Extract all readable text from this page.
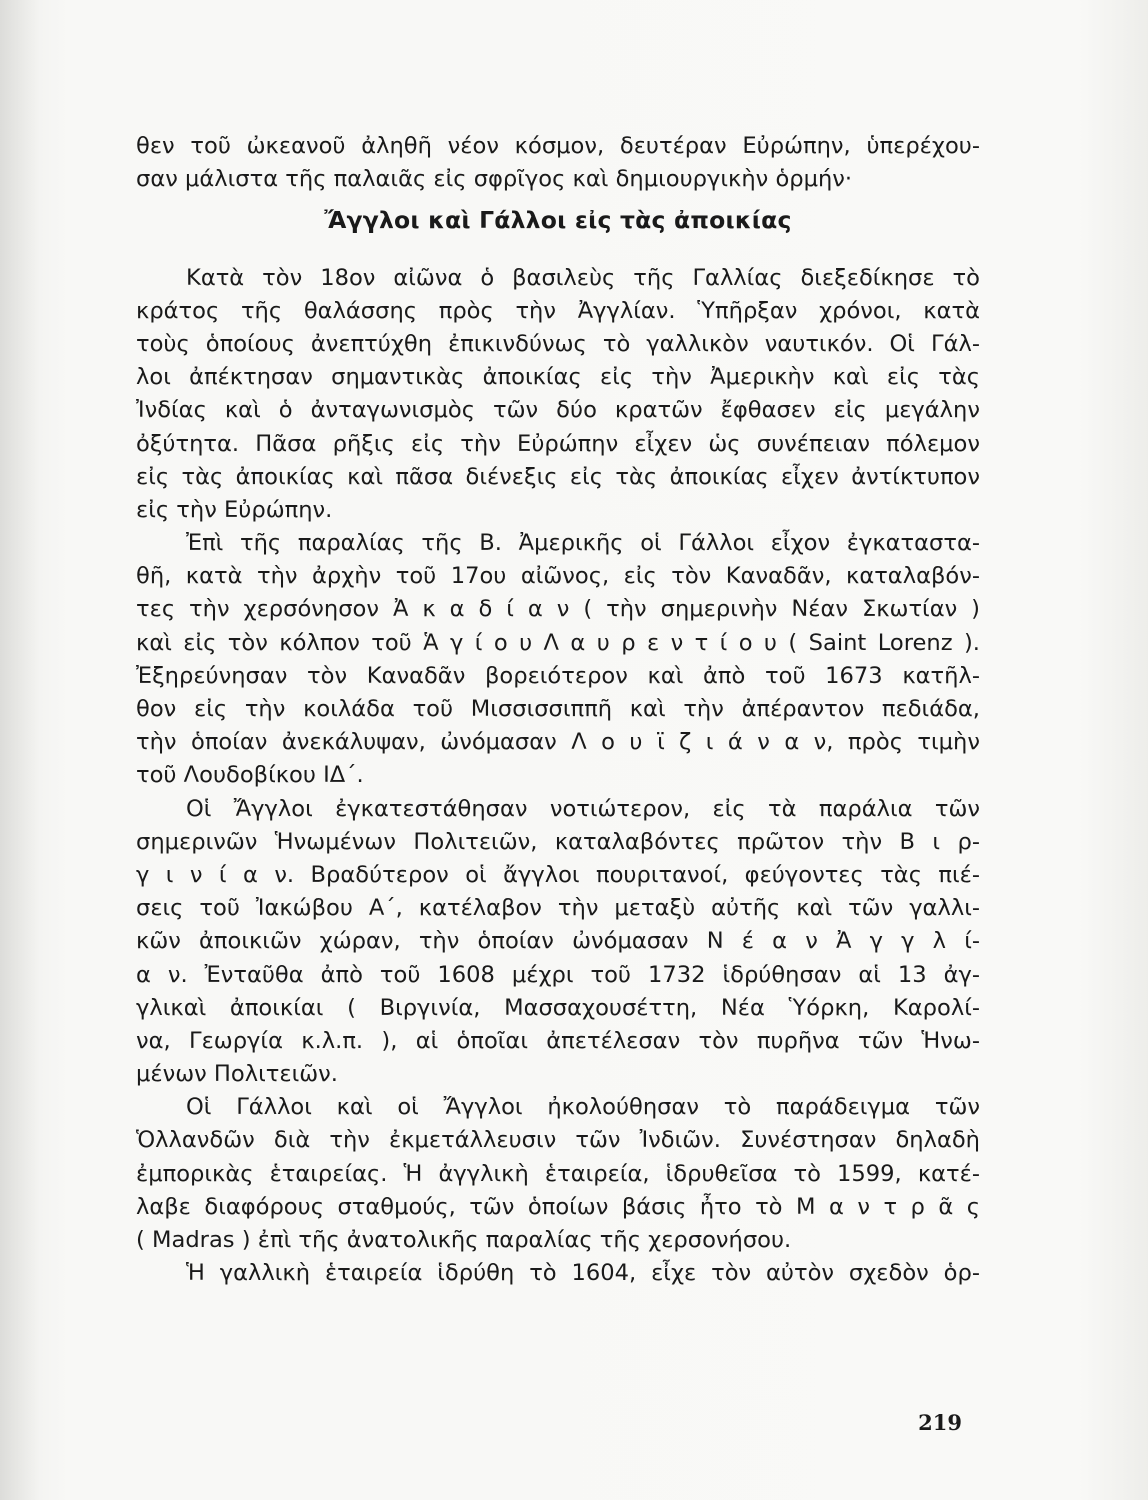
θεν τοῦ ὠκεανοῦ ἀληθῆ νέον κόσμον, δευτέραν Εὐρώπην, ὑπερέχου-
σαν μάλιστα τῆς παλαιᾶς εἰς σφρῖγος καὶ δημιουργικὴν ὁρμήν·
Ἄγγλοι καὶ Γάλλοι εἰς τὰς ἀποικίας
Κατὰ τὸν 18ον αἰῶνα ὁ βασιλεὺς τῆς Γαλλίας διεξεδίκησε τὸ
κράτος τῆς θαλάσσης πρὸς τὴν Ἀγγλίαν. Ὑπῆρξαν χρόνοι, κατὰ
τοὺς ὁποίους ἀνεπτύχθη ἐπικινδύνως τὸ γαλλικὸν ναυτικόν. Οἱ Γάλ-
λοι ἀπέκτησαν σημαντικὰς ἀποικίας εἰς τὴν Ἀμερικὴν καὶ εἰς τὰς
Ἰνδίας καὶ ὁ ἀνταγωνισμὸς τῶν δύο κρατῶν ἔφθασεν εἰς μεγάλην
ὀξύτητα. Πᾶσα ρῆξις εἰς τὴν Εὐρώπην εἶχεν ὡς συνέπειαν πόλεμον
εἰς τὰς ἀποικίας καὶ πᾶσα διένεξις εἰς τὰς ἀποικίας εἶχεν ἀντίκτυπον
εἰς τὴν Εὐρώπην.
Ἐπὶ τῆς παραλίας τῆς Β. Ἀμερικῆς οἱ Γάλλοι εἶχον ἐγκαταστα-
θῆ, κατὰ τὴν ἀρχὴν τοῦ 17ου αἰῶνος, εἰς τὸν Καναδᾶν, καταλαβόν-
τες τὴν χερσόνησον Ἀ κ α δ ί α ν ( τὴν σημερινὴν Νέαν Σκωτίαν )
καὶ εἰς τὸν κόλπον τοῦ Ἁ γ ί ο υ Λ α υ ρ ε ν τ ί ο υ ( Saint Lorenz ).
Ἐξηρεύνησαν τὸν Καναδᾶν βορειότερον καὶ ἀπὸ τοῦ 1673 κατῆλ-
θον εἰς τὴν κοιλάδα τοῦ Μισσισσιππῆ καὶ τὴν ἀπέραντον πεδιάδα,
τὴν ὁποίαν ἀνεκάλυψαν, ὠνόμασαν Λ ο υ ϊ ζ ι ά ν α ν, πρὸς τιμὴν
τοῦ Λουδοβίκου ΙΔ΄.
Οἱ Ἄγγλοι ἐγκατεστάθησαν νοτιώτερον, εἰς τὰ παράλια τῶν
σημερινῶν Ἡνωμένων Πολιτειῶν, καταλαβόντες πρῶτον τὴν Β ι ρ-
γ ι ν ί α ν. Βραδύτερον οἱ ἄγγλοι πουριτανοί, φεύγοντες τὰς πιέ-
σεις τοῦ Ἰακώβου Α΄, κατέλαβον τὴν μεταξὺ αὐτῆς καὶ τῶν γαλλι-
κῶν ἀποικιῶν χώραν, τὴν ὁποίαν ὠνόμασαν Ν έ α ν Ἀ γ γ λ ί-
α ν. Ἐνταῦθα ἀπὸ τοῦ 1608 μέχρι τοῦ 1732 ἱδρύθησαν αἱ 13 ἀγ-
γλικαὶ ἀποικίαι ( Βιργινία, Μασσαχουσέττη, Νέα Ὑόρκη, Καρολί-
να, Γεωργία κ.λ.π. ), αἱ ὁποῖαι ἀπετέλεσαν τὸν πυρῆνα τῶν Ἡνω-
μένων Πολιτειῶν.
Οἱ Γάλλοι καὶ οἱ Ἄγγλοι ἠκολούθησαν τὸ παράδειγμα τῶν
Ὁλλανδῶν διὰ τὴν ἐκμετάλλευσιν τῶν Ἰνδιῶν. Συνέστησαν δηλαδὴ
ἐμπορικὰς ἑταιρείας. Ἡ ἀγγλικὴ ἑταιρεία, ἱδρυθεῖσα τὸ 1599, κατέ-
λαβε διαφόρους σταθμούς, τῶν ὁποίων βάσις ἦτο τὸ Μ α ν τ ρ ᾶ ς
( Madras ) ἐπὶ τῆς ἀνατολικῆς παραλίας τῆς χερσονήσου.
Ἡ γαλλικὴ ἑταιρεία ἱδρύθη τὸ 1604, εἶχε τὸν αὐτὸν σχεδὸν ὁρ-
219
